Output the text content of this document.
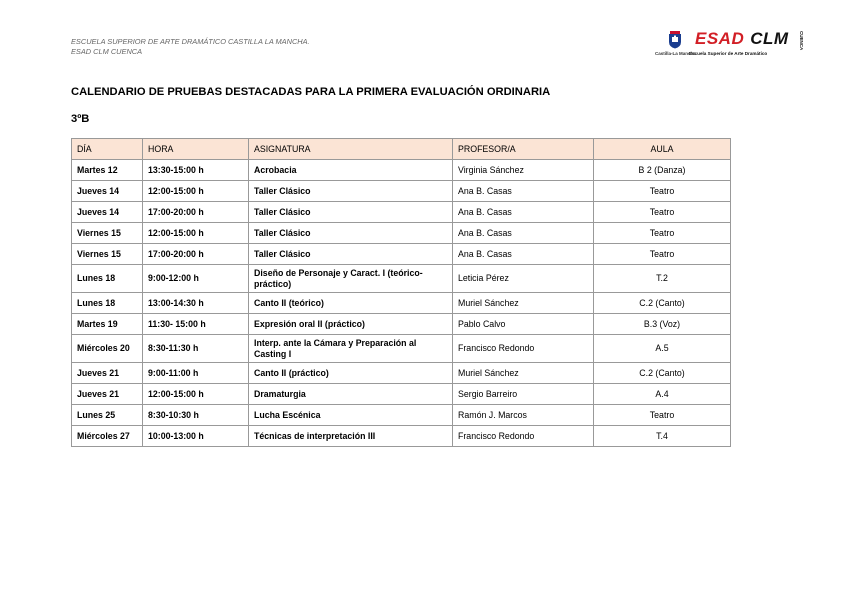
ESCUELA SUPERIOR DE ARTE DRAMÁTICO CASTILLA LA MANCHA.
ESAD CLM CUENCA	Castilla-La Mancha
ESAD CLM CUENCA
Escuela Superior de Arte Dramático
CALENDARIO DE PRUEBAS DESTACADAS PARA LA PRIMERA EVALUACIÓN ORDINARIA
3ºB
DÍA	HORA	ASIGNATURA	PROFESOR/A	AULA
Martes 12	13:30-15:00 h	Acrobacia	Virginia Sánchez	B 2 (Danza)
Jueves 14	12:00-15:00 h	Taller Clásico	Ana B. Casas	Teatro
Jueves 14	17:00-20:00 h	Taller Clásico	Ana B. Casas	Teatro
Viernes 15	12:00-15:00 h	Taller Clásico	Ana B. Casas	Teatro
Viernes 15	17:00-20:00 h	Taller Clásico	Ana B. Casas	Teatro
Lunes 18	9:00-12:00 h	Diseño de Personaje y Caract. I (teórico-práctico)	Leticia Pérez	T.2
Lunes 18	13:00-14:30 h	Canto II (teórico)	Muriel Sánchez	C.2 (Canto)
Martes 19	11:30- 15:00 h	Expresión oral II (práctico)	Pablo Calvo	B.3 (Voz)
Miércoles 20	8:30-11:30 h	Interp. ante la Cámara y Preparación al Casting I	Francisco Redondo	A.5
Jueves 21	9:00-11:00 h	Canto II (práctico)	Muriel Sánchez	C.2 (Canto)
Jueves 21	12:00-15:00 h	Dramaturgia	Sergio Barreiro	A.4
Lunes 25	8:30-10:30 h	Lucha Escénica	Ramón J. Marcos	Teatro
Miércoles 27	10:00-13:00 h	Técnicas de interpretación III	Francisco Redondo	T.4
